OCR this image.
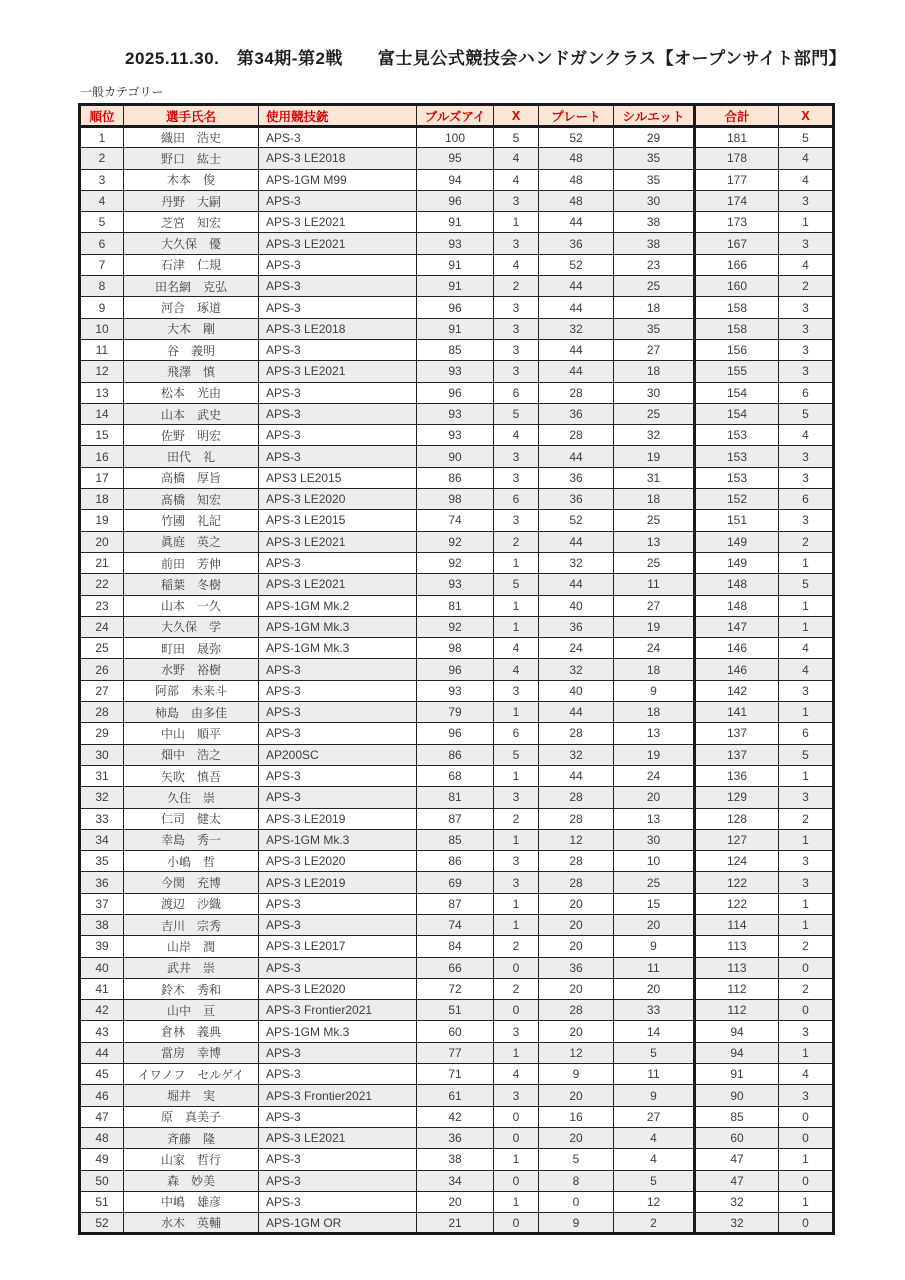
2025.11.30.　第34期-第2戦　　富士見公式競技会ハンドガンクラス【オープンサイト部門】
一般カテゴリー
順位	選手氏名	使用競技銃	ブルズアイ	X	プレート	シルエット	合計	X
1	織田　浩史	APS-3	100	5	52	29	181	5
2	野口　紘士	APS-3 LE2018	95	4	48	35	178	4
3	木本　俊	APS-1GM M99	94	4	48	35	177	4
4	丹野　大嗣	APS-3	96	3	48	30	174	3
5	芝宮　知宏	APS-3 LE2021	91	1	44	38	173	1
6	大久保　優	APS-3 LE2021	93	3	36	38	167	3
7	石津　仁規	APS-3	91	4	52	23	166	4
8	田名網　克弘	APS-3	91	2	44	25	160	2
9	河合　琢道	APS-3	96	3	44	18	158	3
10	大木　剛	APS-3 LE2018	91	3	32	35	158	3
11	谷　義明	APS-3	85	3	44	27	156	3
12	飛澤　慎	APS-3 LE2021	93	3	44	18	155	3
13	松本　光由	APS-3	96	6	28	30	154	6
14	山本　武史	APS-3	93	5	36	25	154	5
15	佐野　明宏	APS-3	93	4	28	32	153	4
16	田代　礼	APS-3	90	3	44	19	153	3
17	高橋　厚旨	APS3 LE2015	86	3	36	31	153	3
18	髙橋　知宏	APS-3 LE2020	98	6	36	18	152	6
19	竹國　礼記	APS-3 LE2015	74	3	52	25	151	3
20	眞庭　英之	APS-3 LE2021	92	2	44	13	149	2
21	前田　芳伸	APS-3	92	1	32	25	149	1
22	稲葉　冬樹	APS-3 LE2021	93	5	44	11	148	5
23	山本　一久	APS-1GM Mk.2	81	1	40	27	148	1
24	大久保　学	APS-1GM Mk.3	92	1	36	19	147	1
25	町田　晟弥	APS-1GM Mk.3	98	4	24	24	146	4
26	水野　裕樹	APS-3	96	4	32	18	146	4
27	阿部　未来斗	APS-3	93	3	40	9	142	3
28	柿島　由多佳	APS-3	79	1	44	18	141	1
29	中山　順平	APS-3	96	6	28	13	137	6
30	畑中　浩之	AP200SC	86	5	32	19	137	5
31	矢吹　慎吾	APS-3	68	1	44	24	136	1
32	久住　崇	APS-3	81	3	28	20	129	3
33	仁司　健太	APS-3 LE2019	87	2	28	13	128	2
34	幸島　秀一	APS-1GM Mk.3	85	1	12	30	127	1
35	小嶋　哲	APS-3 LE2020	86	3	28	10	124	3
36	今関　充博	APS-3 LE2019	69	3	28	25	122	3
37	渡辺　沙織	APS-3	87	1	20	15	122	1
38	吉川　宗秀	APS-3	74	1	20	20	114	1
39	山岸　潤	APS-3 LE2017	84	2	20	9	113	2
40	武井　崇	APS-3	66	0	36	11	113	0
41	鈴木　秀和	APS-3 LE2020	72	2	20	20	112	2
42	山中　亘	APS-3 Frontier2021	51	0	28	33	112	0
43	倉林　義典	APS-1GM Mk.3	60	3	20	14	94	3
44	當房　幸博	APS-3	77	1	12	5	94	1
45	イワノフ　セルゲイ	APS-3	71	4	9	11	91	4
46	堀井　実	APS-3 Frontier2021	61	3	20	9	90	3
47	原　真美子	APS-3	42	0	16	27	85	0
48	斉藤　隆	APS-3 LE2021	36	0	20	4	60	0
49	山家　哲行	APS-3	38	1	5	4	47	1
50	森　妙美	APS-3	34	0	8	5	47	0
51	中嶋　雄彦	APS-3	20	1	0	12	32	1
52	水木　英輔	APS-1GM OR	21	0	9	2	32	0
